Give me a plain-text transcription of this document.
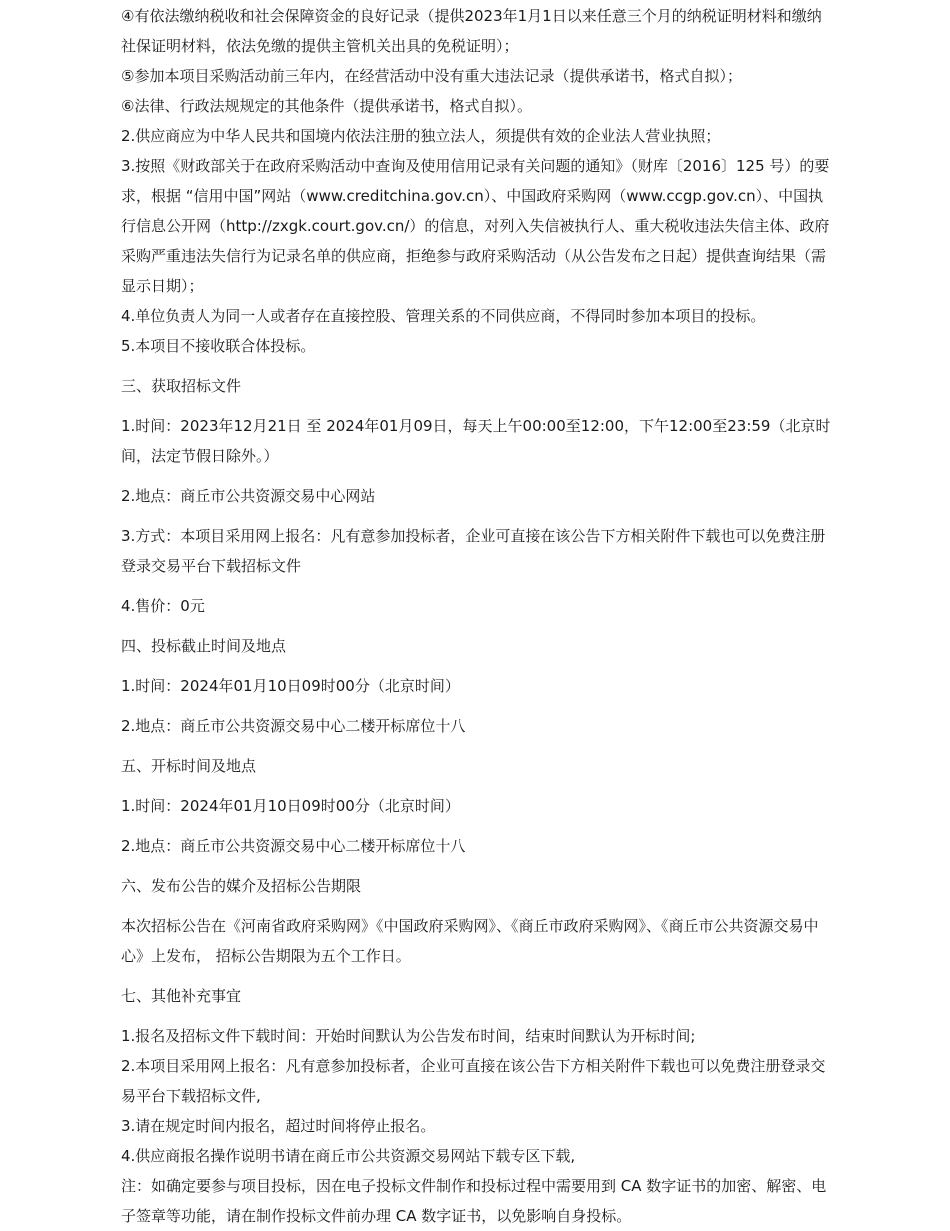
④有依法缴纳税收和社会保障资金的良好记录（提供2023年1月1日以来任意三个月的纳税证明材料和缴纳社保证明材料，依法免缴的提供主管机关出具的免税证明）；

⑤参加本项目采购活动前三年内，在经营活动中没有重大违法记录（提供承诺书，格式自拟）；

⑥法律、行政法规规定的其他条件（提供承诺书，格式自拟）。

2.供应商应为中华人民共和国境内依法注册的独立法人，须提供有效的企业法人营业执照；

3.按照《财政部关于在政府采购活动中查询及使用信用记录有关问题的通知》（财库〔2016〕125 号）的要求，根据 “信用中国”网站（www.creditchina.gov.cn）、中国政府采购网（www.ccgp.gov.cn）、中国执行信息公开网（http://zxgk.court.gov.cn/）的信息，对列入失信被执行人、重大税收违法失信主体、政府采购严重违法失信行为记录名单的供应商，拒绝参与政府采购活动（从公告发布之日起）提供查询结果（需显示日期）；

4.单位负责人为同一人或者存在直接控股、管理关系的不同供应商，不得同时参加本项目的投标。

5.本项目不接收联合体投标。

三、获取招标文件

1.时间：2023年12月21日 至 2024年01月09日，每天上午00:00至12:00，下午12:00至23:59（北京时间，法定节假日除外。）

2.地点：商丘市公共资源交易中心网站

3.方式：本项目采用网上报名：凡有意参加投标者，企业可直接在该公告下方相关附件下载也可以免费注册登录交易平台下载招标文件

4.售价：0元

四、投标截止时间及地点

1.时间：2024年01月10日09时00分（北京时间）

2.地点：商丘市公共资源交易中心二楼开标席位十八

五、开标时间及地点

1.时间：2024年01月10日09时00分（北京时间）

2.地点：商丘市公共资源交易中心二楼开标席位十八

六、发布公告的媒介及招标公告期限

本次招标公告在《河南省政府采购网》《中国政府采购网》、《商丘市政府采购网》、《商丘市公共资源交易中心》上发布， 招标公告期限为五个工作日。

七、其他补充事宜

1.报名及招标文件下载时间：开始时间默认为公告发布时间，结束时间默认为开标时间;

2.本项目采用网上报名：凡有意参加投标者，企业可直接在该公告下方相关附件下载也可以免费注册登录交易平台下载招标文件,

3.请在规定时间内报名，超过时间将停止报名。

4.供应商报名操作说明书请在商丘市公共资源交易网站下载专区下载,

注：如确定要参与项目投标，因在电子投标文件制作和投标过程中需要用到 CA 数字证书的加密、解密、电子签章等功能，请在制作投标文件前办理 CA 数字证书，以免影响自身投标。
